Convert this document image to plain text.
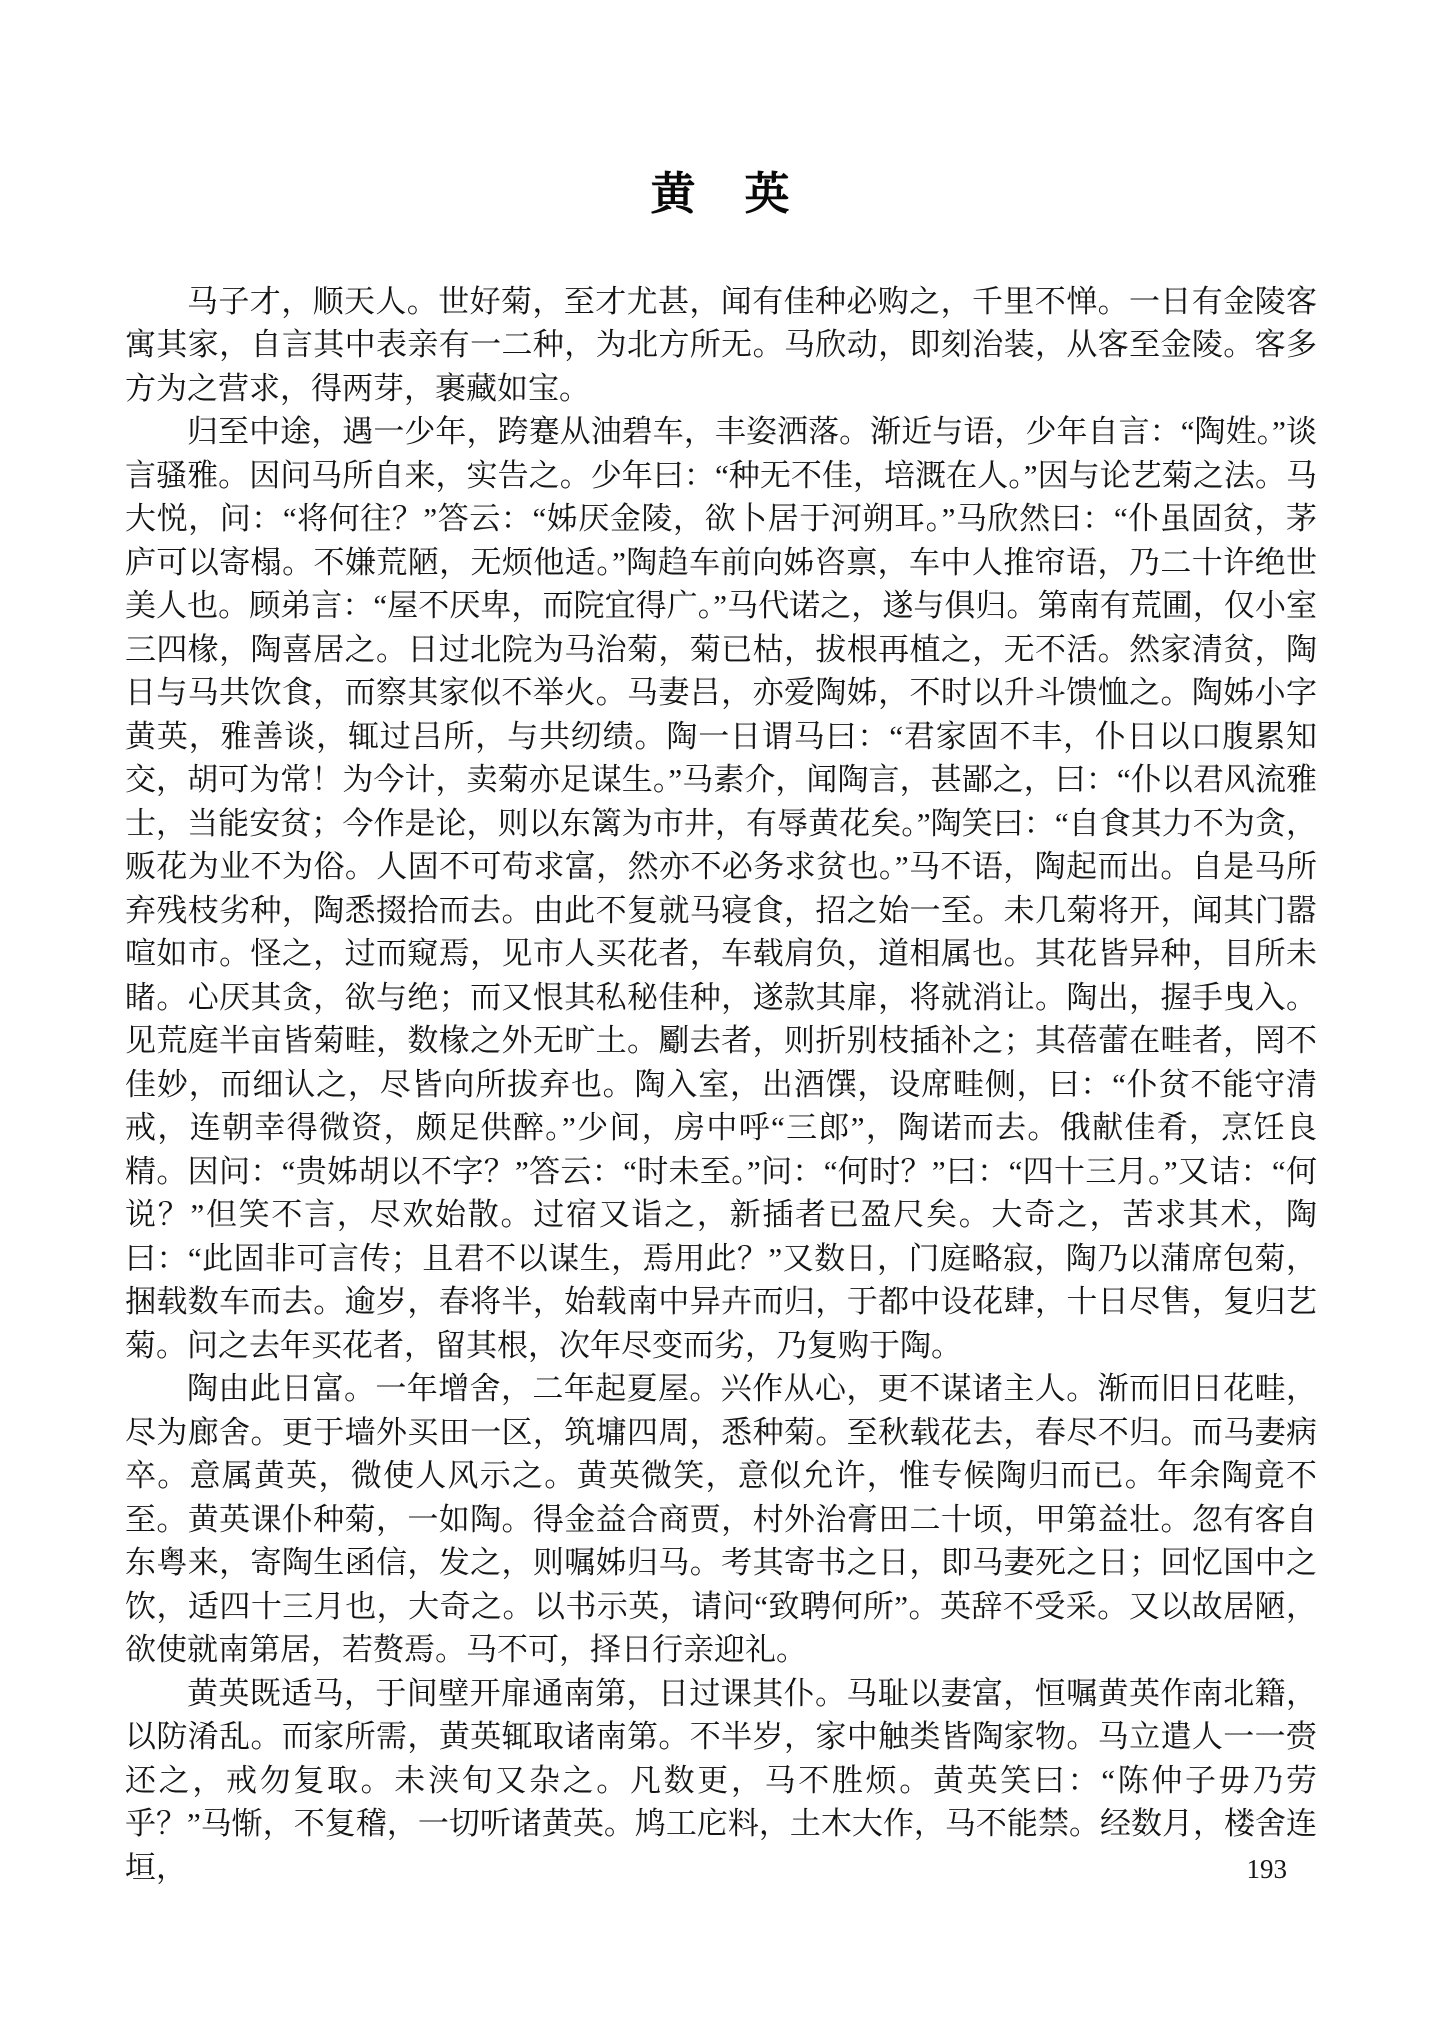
黄　英

马子才，顺天人。世好菊，至才尤甚，闻有佳种必购之，千里不惮。一日有金陵客寓其家，自言其中表亲有一二种，为北方所无。马欣动，即刻治装，从客至金陵。客多方为之营求，得两芽，裹藏如宝。

归至中途，遇一少年，跨蹇从油碧车，丰姿洒落。渐近与语，少年自言：“陶姓。”谈言骚雅。因问马所自来，实告之。少年曰：“种无不佳，培溉在人。”因与论艺菊之法。马大悦，问：“将何往？”答云：“姊厌金陵，欲卜居于河朔耳。”马欣然曰：“仆虽固贫，茅庐可以寄榻。不嫌荒陋，无烦他适。”陶趋车前向姊咨禀，车中人推帘语，乃二十许绝世美人也。顾弟言：“屋不厌卑，而院宜得广。”马代诺之，遂与俱归。第南有荒圃，仅小室三四椽，陶喜居之。日过北院为马治菊，菊已枯，拔根再植之，无不活。然家清贫，陶日与马共饮食，而察其家似不举火。马妻吕，亦爱陶姊，不时以升斗馈恤之。陶姊小字黄英，雅善谈，辄过吕所，与共纫绩。陶一日谓马曰：“君家固不丰，仆日以口腹累知交，胡可为常！为今计，卖菊亦足谋生。”马素介，闻陶言，甚鄙之，曰：“仆以君风流雅士，当能安贫；今作是论，则以东篱为市井，有辱黄花矣。”陶笑曰：“自食其力不为贪，贩花为业不为俗。人固不可苟求富，然亦不必务求贫也。”马不语，陶起而出。自是马所弃残枝劣种，陶悉掇拾而去。由此不复就马寝食，招之始一至。未几菊将开，闻其门嚣喧如市。怪之，过而窥焉，见市人买花者，车载肩负，道相属也。其花皆异种，目所未睹。心厌其贪，欲与绝；而又恨其私秘佳种，遂款其扉，将就消让。陶出，握手曳入。见荒庭半亩皆菊畦，数椽之外无旷土。劚去者，则折别枝插补之；其蓓蕾在畦者，罔不佳妙，而细认之，尽皆向所拔弃也。陶入室，出酒馔，设席畦侧，曰：“仆贫不能守清戒，连朝幸得微资，颇足供醉。”少间，房中呼“三郎”，陶诺而去。俄献佳肴，烹饪良精。因问：“贵姊胡以不字？”答云：“时未至。”问：“何时？”曰：“四十三月。”又诘：“何说？”但笑不言，尽欢始散。过宿又诣之，新插者已盈尺矣。大奇之，苦求其术，陶曰：“此固非可言传；且君不以谋生，焉用此？”又数日，门庭略寂，陶乃以蒲席包菊，捆载数车而去。逾岁，春将半，始载南中异卉而归，于都中设花肆，十日尽售，复归艺菊。问之去年买花者，留其根，次年尽变而劣，乃复购于陶。

陶由此日富。一年增舍，二年起夏屋。兴作从心，更不谋诸主人。渐而旧日花畦，尽为廊舍。更于墙外买田一区，筑墉四周，悉种菊。至秋载花去，春尽不归。而马妻病卒。意属黄英，微使人风示之。黄英微笑，意似允许，惟专候陶归而已。年余陶竟不至。黄英课仆种菊，一如陶。得金益合商贾，村外治膏田二十顷，甲第益壮。忽有客自东粤来，寄陶生函信，发之，则嘱姊归马。考其寄书之日，即马妻死之日；回忆国中之饮，适四十三月也，大奇之。以书示英，请问“致聘何所”。英辞不受采。又以故居陋，欲使就南第居，若赘焉。马不可，择日行亲迎礼。

黄英既适马，于间壁开扉通南第，日过课其仆。马耻以妻富，恒嘱黄英作南北籍，以防淆乱。而家所需，黄英辄取诸南第。不半岁，家中触类皆陶家物。马立遣人一一赍还之，戒勿复取。未浃旬又杂之。凡数更，马不胜烦。黄英笑曰：“陈仲子毋乃劳乎？”马惭，不复稽，一切听诸黄英。鸠工庀料，土木大作，马不能禁。经数月，楼舍连垣，	193
